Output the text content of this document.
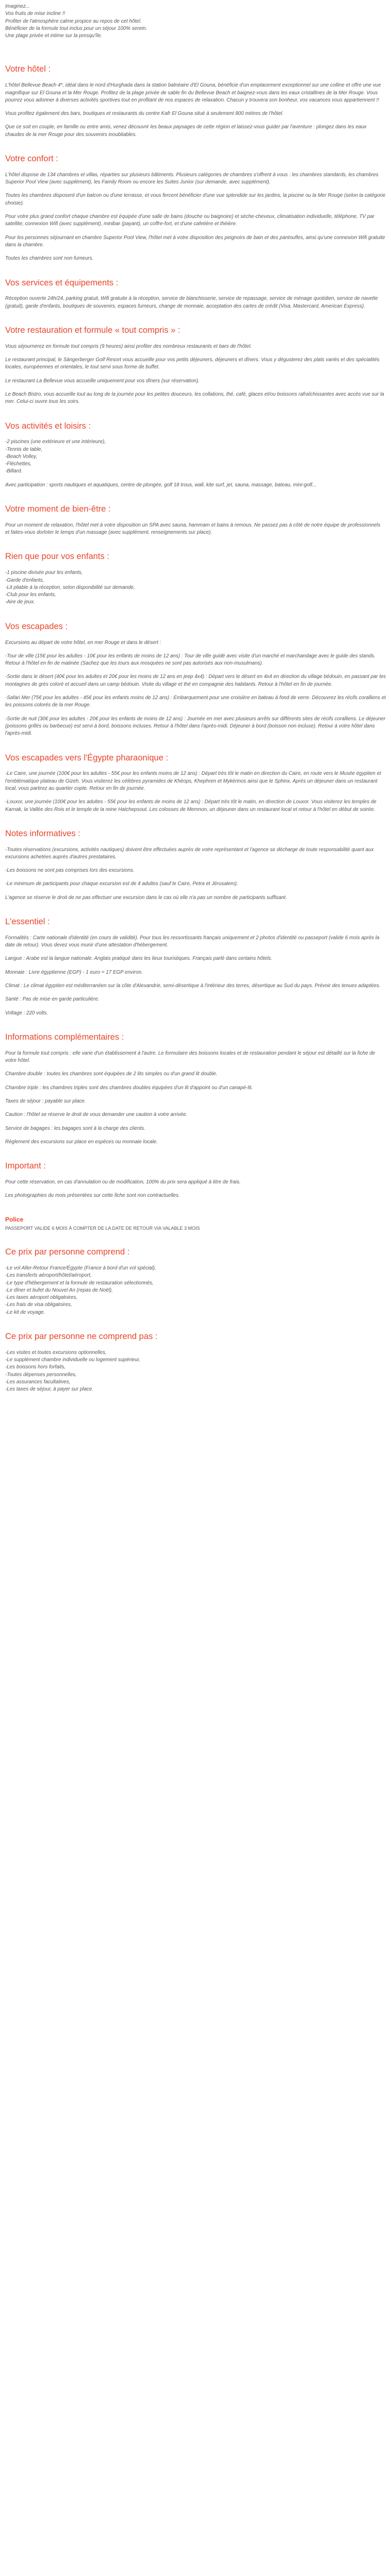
Imaginez...

Vos fruits de mise incline !!

Profiter de l'atmosphère calme propice au repos de cet hôtel.

Bénéficier de la formule tout inclus pour un séjour 100% serein.

Une plage privée et intime sur la presqu'île.

Votre hôtel :

L'hôtel Bellevue Beach 4*, idéal dans le nord d'Hurghada dans la station balnéaire d'El Gouna, bénéficie d'un emplacement exceptionnel sur une colline et offre une vue magnifique sur El Gouna et la Mer Rouge. Profitez de la plage privée de sable fin du Bellevue Beach et baignez-vous dans les eaux cristallines de la Mer Rouge. Vous pourrez vous adonner à diverses activités sportives tout en profitant de nos espaces de relaxation. Chacun y trouvera son bonheur, vos vacances vous appartiennent !!

Vous profitez également des bars, boutiques et restaurants du centre Kafr El Gouna situé à seulement 800 mètres de l'hôtel.

Que ce soit en couple, en famille ou entre amis, venez découvrir les beaux paysages de cette région et laissez-vous guider par l'aventure : plongez dans les eaux chaudes de la mer Rouge pour des souvenirs inoubliables.

Votre confort :

L'hôtel dispose de 134 chambres et villas, réparties sur plusieurs bâtiments. Plusieurs catégories de chambres s'offrent à vous : les chambres standards, les chambres Superior Pool View (avec supplément), les Family Room ou encore les Suites Junior (sur demande, avec supplément).

Toutes les chambres disposent d'un balcon ou d'une terrasse, et vous fercent bénéficier d'une vue splendide sur les jardins, la piscine ou la Mer Rouge (selon la catégorie choisie).

Pour votre plus grand confort chaque chambre est équipée d'une salle de bains (douche ou baignoire) et sèche-cheveux, climatisation individuelle, téléphone, TV par satellite, connexion Wifi (avec supplément), minibar (payant), un coffre-fort, et d'une cafetière et théière.

Pour les personnes séjournant en chambre Superior Pool View, l'hôtel met à votre disposition des peignoirs de bain et des pantoufles, ainsi qu'une connexion Wifi gratuite dans la chambre.

Toutes les chambres sont non fumeurs.

Vos services et équipements :

Réception ouverte 24h/24, parking gratuit, Wifi gratuite à la réception, service de blanchisserie, service de repassage, service de ménage quotidien, service de navette (gratuit), garde d'enfants, boutiques de souvenirs, espaces fumeurs, change de monnaie, acceptation des cartes de crédit (Visa, Mastercard, American Express).

Votre restauration et formule « tout compris » :

Vous séjournerez en formule tout compris (9 heures) ainsi profiter des nombreux restaurants et bars de l'hôtel.

Le restaurant principal, le Sängerberger Golf Resort vous accueille pour vos petits déjeuners, déjeuners et dîners. Vous y dégusterez des plats variés et des spécialités locales, européennes et orientales, le tout servi sous forme de buffet.

Le restaurant La Bellevue vous accueille uniquement pour vos dîners (sur réservation).

Le Beach Bistro, vous accueille tout au long de la journée pour les petites douceurs, les collations, thé, café, glaces et/ou boissons rafraîchissantes avec accès vue sur la mer. Celui-ci ouvre tous les soirs.

Vos activités et loisirs :
-2 piscines (une extérieure et une intérieure),
-Tennis de table,
-Beach Volley,
-Fléchettes,
-Billard.

Avec participation : sports nautiques et aquatiques, centre de plongée, golf 18 trous, wall, kite surf, jet, sauna, massage, bateau, mini-golf...

Votre moment de bien-être :

Pour un moment de relaxation, l'hôtel met à votre disposition un SPA avec sauna, hammam et bains à remous. Ne passez pas à côté de notre équipe de professionnels et faites-vous dorloter le temps d'un massage (avec supplément, renseignements sur place).

Rien que pour vos enfants :
-1 piscine divisée pour les enfants,
-Garde d'enfants,
-Lit pliable à la réception, selon disponibilité sur demande,
-Club pour les enfants,
-Aire de jeux.
Vos escapades :

Excursions au départ de votre hôtel, en mer Rouge et dans le désert :

-Tour de ville (15€ pour les adultes - 10€ pour les enfants de moins de 12 ans) : Tour de ville guidé avec visite d'un marché et marchandage avec le guide des stands. Retour à l'hôtel en fin de matinée (Sachez que les tours aux mosquées ne sont pas autorisés aux non-musulmans).

-Sortie dans le désert (40€ pour les adultes et 20€ pour les moins de 12 ans en jeep 4x4) : Départ vers le désert en 4x4 en direction du village bédouin, en passant par les montagnes de grès coloré et accueil dans un camp bédouin. Visite du village et thé en compagnie des habitants. Retour à l'hôtel en fin de journée.

-Safari Mer (75€ pour les adultes - 45€ pour les enfants moins de 12 ans) : Embarquement pour une croisière en bateau à fond de verre. Découvrez les récifs coralliens et les poissons colorés de la mer Rouge.

-Sortie de nuit (30€ pour les adultes - 20€ pour les enfants de moins de 12 ans) : Journée en mer avec plusieurs arrêts sur différents sites de récifs coralliens. Le déjeuner (poissons grillés ou barbecue) est servi à bord, boissons incluses. Retour à l'hôtel dans l'après-midi. Déjeuner à bord (boisson non incluse). Retour à votre hôtel dans l'après-midi.

Vos escapades vers l'Égypte pharaonique :

-Le Caire, une journée (100€ pour les adultes - 55€ pour les enfants moins de 12 ans) : Départ très tôt le matin en direction du Caire, en route vers le Musée égyptien et l'emblématique plateau de Gizeh. Vous visiterez les célèbres pyramides de Khéops, Khephren et Mykérinos ainsi que le Sphinx. Après un déjeuner dans un restaurant local, vous partirez au quartier copte. Retour en fin de journée.

-Louxor, une journée (100€ pour les adultes - 55€ pour les enfants de moins de 12 ans) : Départ très tôt le matin, en direction de Louxor. Vous visiterez les temples de Karnak, la Vallée des Rois et le temple de la reine Hatchepsout. Les colosses de Memnon, un déjeuner dans un restaurant local et retour à l'hôtel en début de soirée.

Notes informatives :

-Toutes réservations (excursions, activités nautiques) doivent être effectuées auprès de votre représentant et l'agence se décharge de toute responsabilité quant aux excursions achetées auprès d'autres prestataires.

-Les boissons ne sont pas comprises lors des excursions.

-Le minimum de participants pour chaque excursion est de 4 adultes (sauf le Caire, Petra et Jérusalem).

L'agence se réserve le droit de ne pas effectuer une excursion dans le cas où elle n'a pas un nombre de participants suffisant.

L'essentiel :

Formalités : Carte nationale d'identité (en cours de validité). Pour tous les ressortissants français uniquement et 2 photos d'identité ou passeport (valide 6 mois après la date de retour). Vous devez vous munir d'une attestation d'hébergement.

Langue : Arabe est la langue nationale. Anglais pratiqué dans les lieux touristiques. Français parlé dans certains hôtels.

Monnaie : Livre égyptienne (EGP) - 1 euro = 17 EGP environ.

Climat : Le climat égyptien est méditerranéen sur la côte d'Alexandrie, semi-désertique à l'intérieur des terres, désertique au Sud du pays. Prévoir des tenues adaptées.

Santé : Pas de mise en garde particulière.

Voltage : 220 volts.

Informations complémentaires :

Pour la formule tout compris : elle varie d'un établissement à l'autre. Le formulaire des boissons locales et de restauration pendant le séjour est détaillé sur la fiche de votre hôtel.

Chambre double : toutes les chambres sont équipées de 2 lits simples ou d'un grand lit double.

Chambre triple : les chambres triples sont des chambres doubles équipées d'un lit d'appoint ou d'un canapé-lit.

Taxes de séjour : payable sur place.

Caution : l'hôtel se réserve le droit de vous demander une caution à votre arrivée.

Service de bagages : les bagages sont à la charge des clients.

Règlement des excursions sur place en espèces ou monnaie locale.

Important :

Pour cette réservation, en cas d'annulation ou de modification, 100% du prix sera appliqué à titre de frais.

Les photographies du mois présentées sur cette fiche sont non contractuelles.

Police
PASSEPORT VALIDE 6 MOIS À COMPTER DE LA DATE DE RETOUR VIA VALABLE 3 MOIS
Ce prix par personne comprend :
-Le vol Aller-Retour France/Égypte (France à bord d'un vol spécial),
-Les transferts aéroport/hôtel/aéroport,
-Le type d'hébergement et la formule de restauration sélectionnés,
-Le dîner et bufet du Nouvel An (repas de Noël),
-Les taxes aéroport obligatoires,
-Les frais de visa obligatoires,
-Le kit de voyage.
Ce prix par personne ne comprend pas :
-Les visites et toutes excursions optionnelles,
-Le supplément chambre individuelle ou logement supérieur,
-Les boissons hors forfaits,
-Toutes dépenses personnelles,
-Les assurances facultatives,
-Les taxes de séjour, à payer sur place.
